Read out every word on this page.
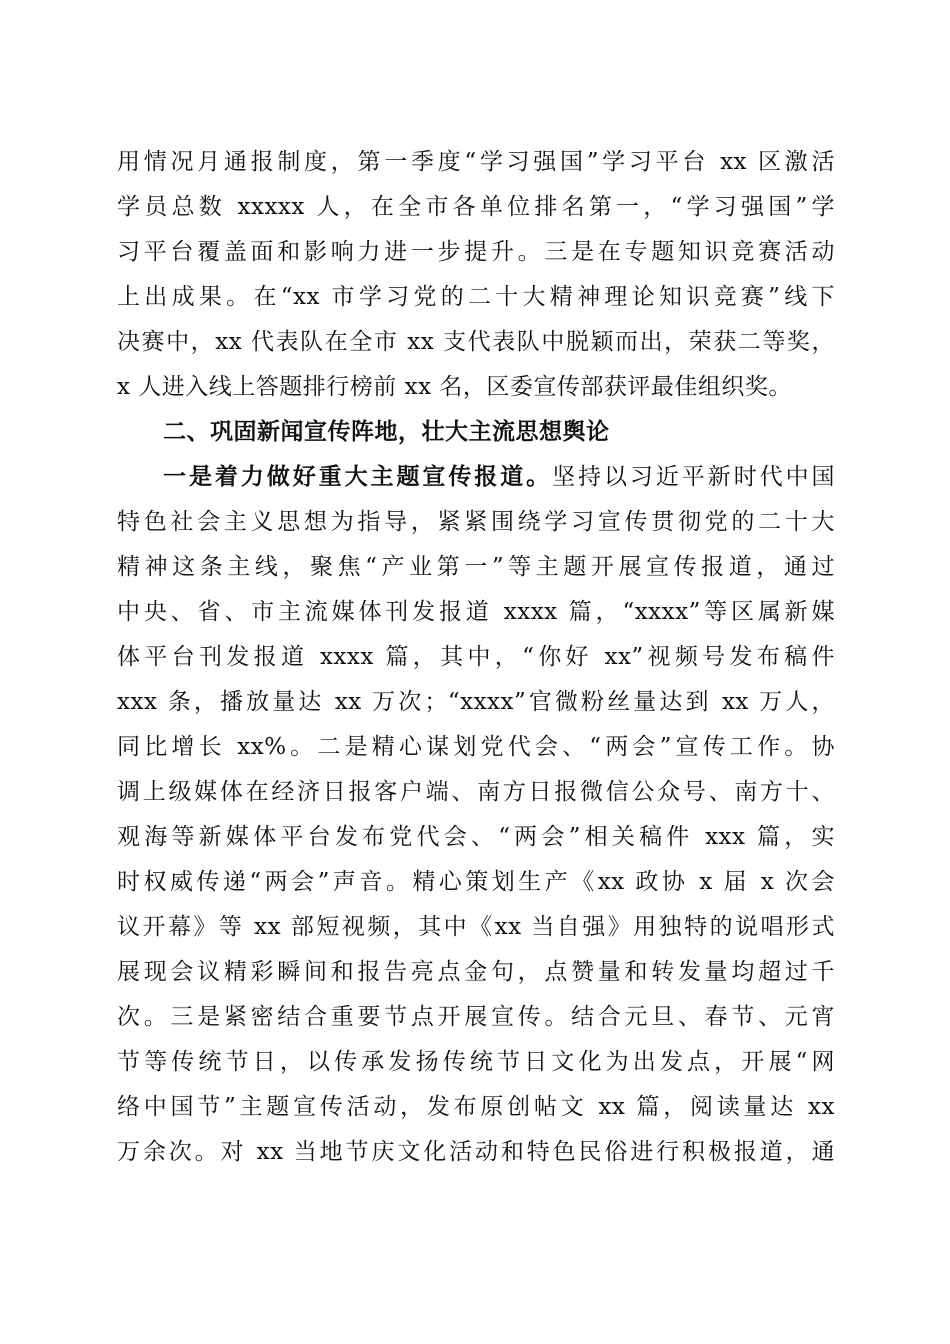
用情况月通报制度，第一季度“学习强国”学习平台 xx 区激活
学员总数 xxxxx 人，在全市各单位排名第一，“学习强国”学
习平台覆盖面和影响力进一步提升。三是在专题知识竞赛活动
上出成果。在“xx 市学习党的二十大精神理论知识竞赛”线下
决赛中，xx 代表队在全市 xx 支代表队中脱颖而出，荣获二等奖，
x 人进入线上答题排行榜前 xx 名，区委宣传部获评最佳组织奖。
二、巩固新闻宣传阵地，壮大主流思想舆论
一是着力做好重大主题宣传报道。坚持以习近平新时代中国
特色社会主义思想为指导，紧紧围绕学习宣传贯彻党的二十大
精神这条主线，聚焦“产业第一”等主题开展宣传报道，通过
中央、省、市主流媒体刊发报道 xxxx 篇，“xxxx”等区属新媒
体平台刊发报道 xxxx 篇，其中，“你好 xx”视频号发布稿件
xxx 条，播放量达 xx 万次；“xxxx”官微粉丝量达到 xx 万人，
同比增长 xx%。二是精心谋划党代会、“两会”宣传工作。协
调上级媒体在经济日报客户端、南方日报微信公众号、南方十、
观海等新媒体平台发布党代会、“两会”相关稿件 xxx 篇，实
时权威传递“两会”声音。精心策划生产《xx 政协 x 届 x 次会
议开幕》等 xx 部短视频，其中《xx 当自强》用独特的说唱形式
展现会议精彩瞬间和报告亮点金句，点赞量和转发量均超过千
次。三是紧密结合重要节点开展宣传。结合元旦、春节、元宵
节等传统节日，以传承发扬传统节日文化为出发点，开展“网
络中国节”主题宣传活动，发布原创帖文 xx 篇，阅读量达 xx
万余次。对 xx 当地节庆文化活动和特色民俗进行积极报道，通
